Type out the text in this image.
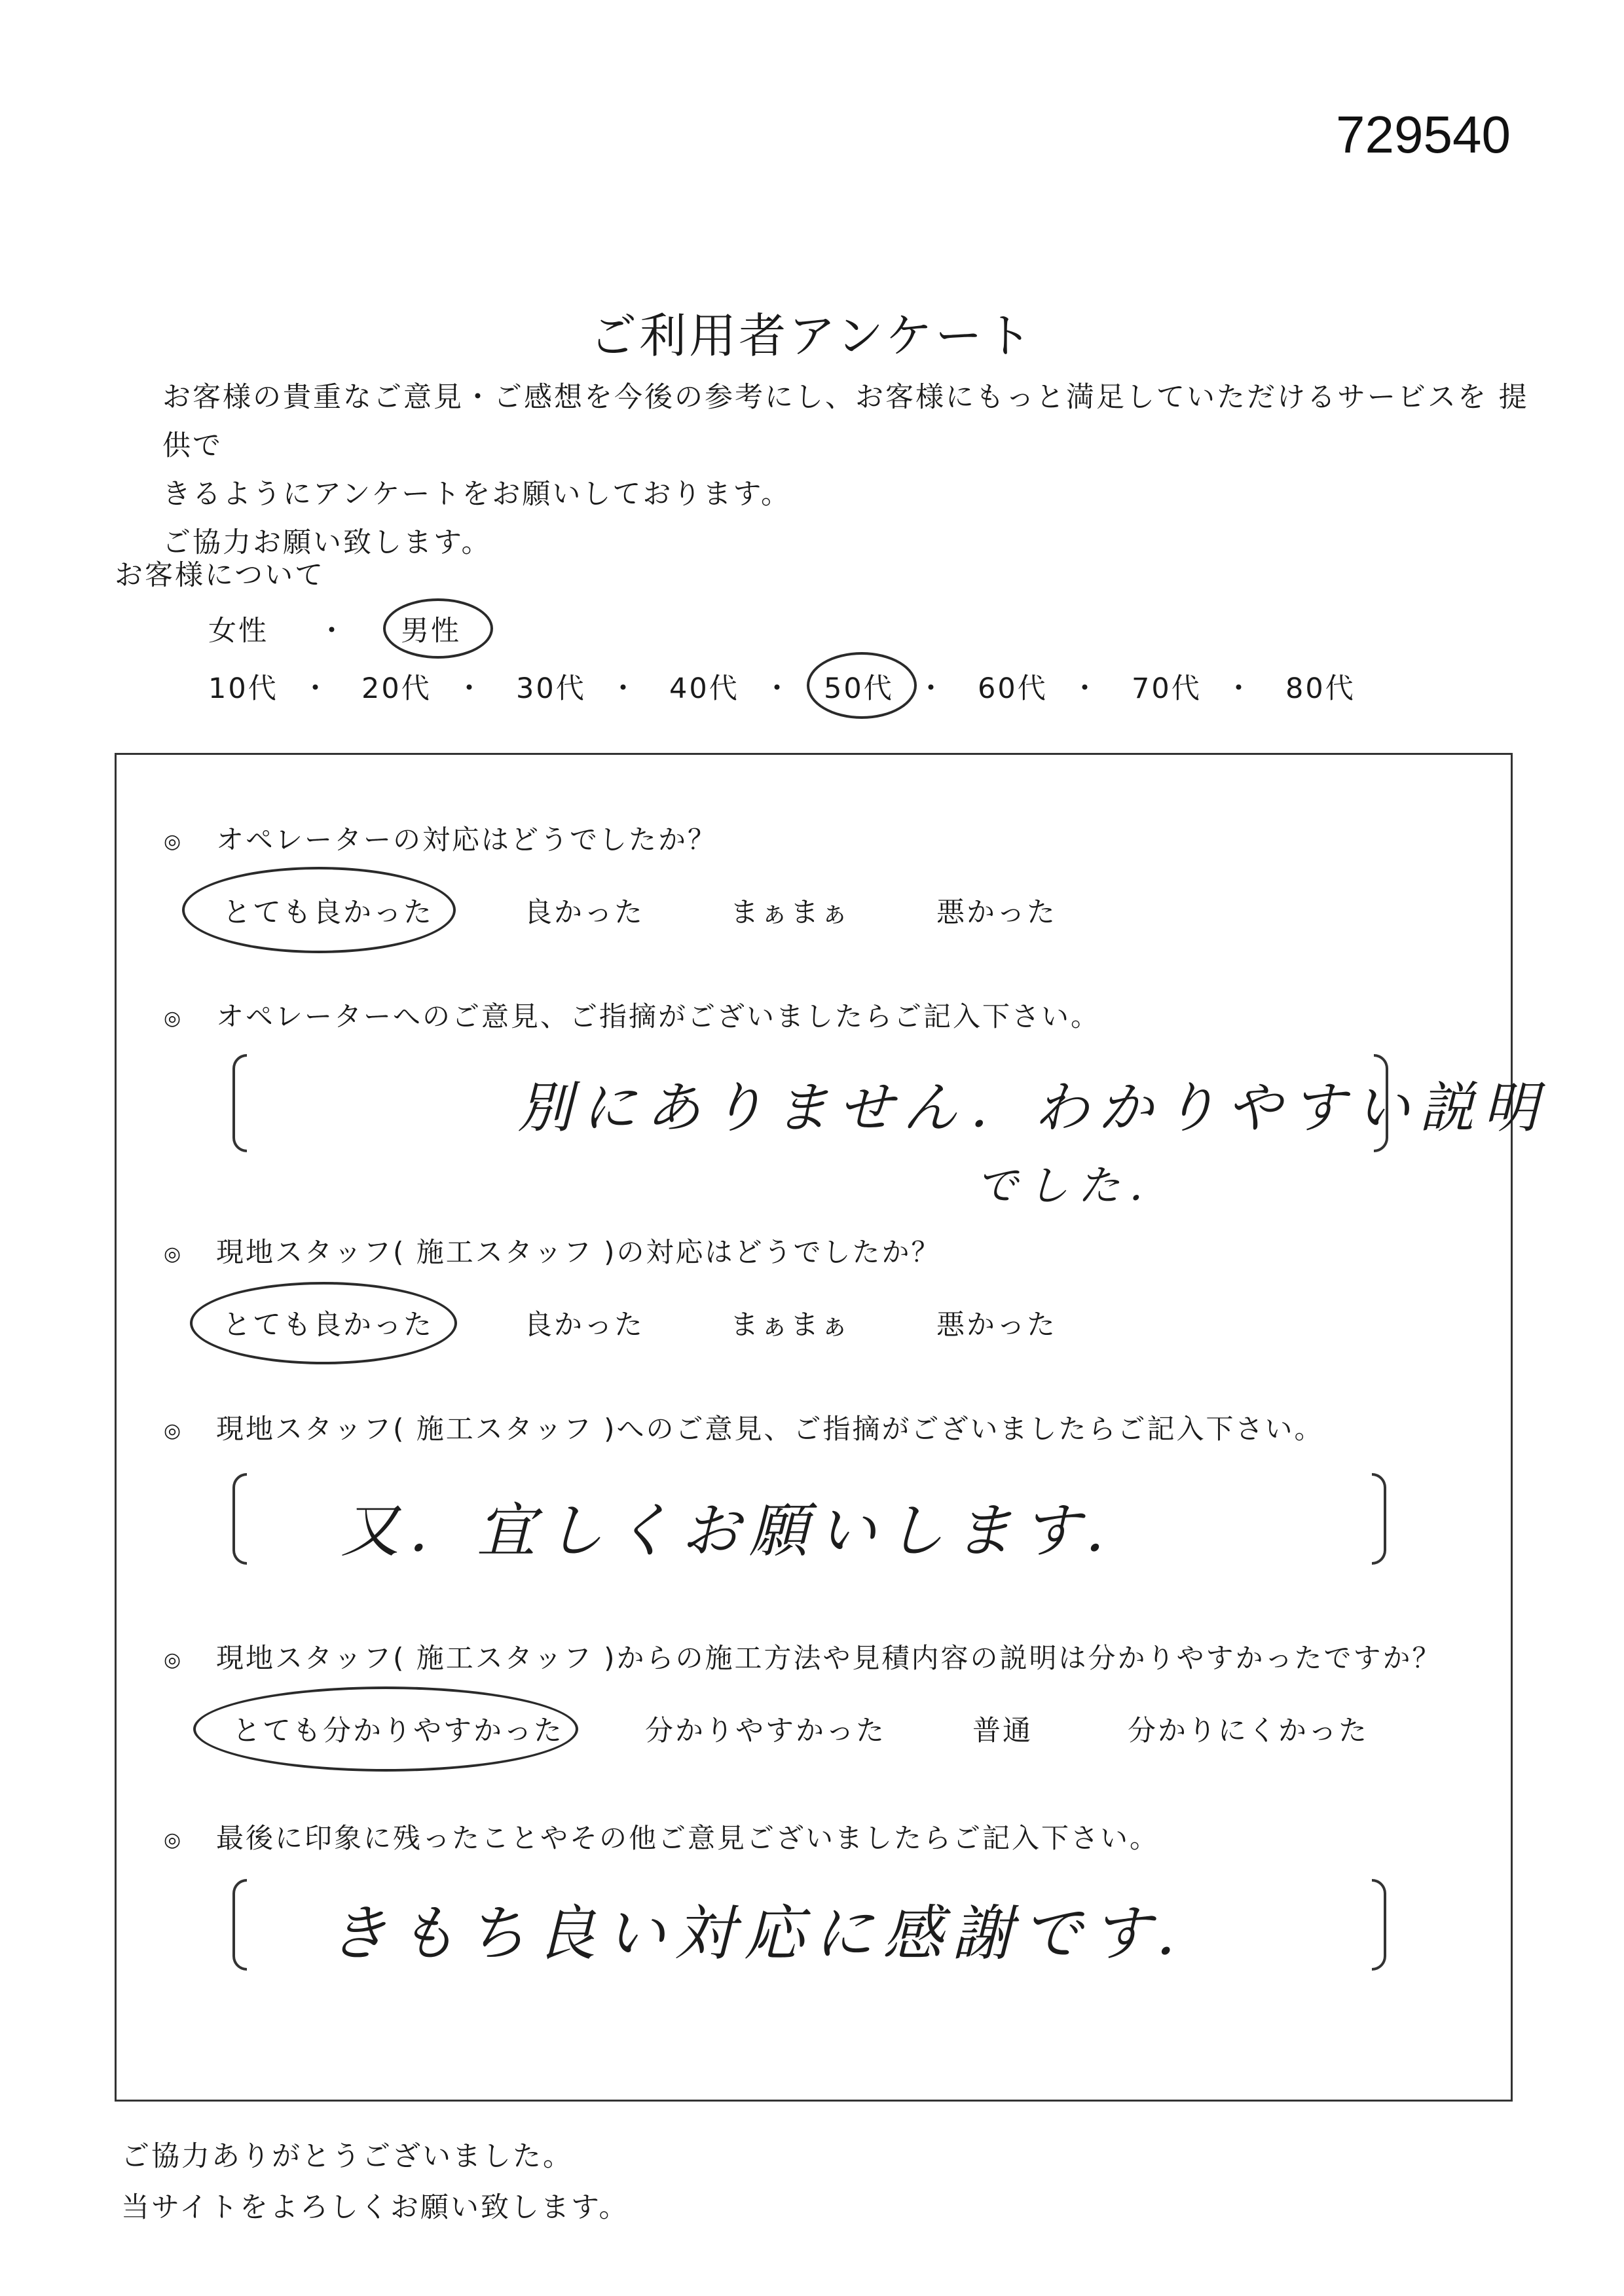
729540
ご利用者アンケート

お客様の貴重なご意見・ご感想を今後の参考にし、お客様にもっと満足していただけるサービスを 提供で

きるようにアンケートをお願いしております。

ご協力お願い致します。

お客様について
女性 ・ 男性
10代 ・ 20代 ・ 30代 ・ 40代 ・ 50代 ・ 60代 ・ 70代 ・ 80代
◎ オペレーターの対応はどうでしたか？
とても良かった	良かった	まぁまぁ	悪かった
◎ オペレーターへのご意見、ご指摘がございましたらご記入下さい。
別にありません．わかりやすい説明
でした．
◎ 現地スタッフ( 施工スタッフ )の対応はどうでしたか？
とても良かった	良かった	まぁまぁ	悪かった
◎ 現地スタッフ( 施工スタッフ )へのご意見、ご指摘がございましたらご記入下さい。
又．宜しくお願いします．
◎ 現地スタッフ( 施工スタッフ )からの施工方法や見積内容の説明は分かりやすかったですか？
とても分かりやすかった	分かりやすかった	普通	分かりにくかった
◎ 最後に印象に残ったことやその他ご意見ございましたらご記入下さい。
きもち良い対応に感謝です．

ご協力ありがとうございました。

当サイトをよろしくお願い致します。
